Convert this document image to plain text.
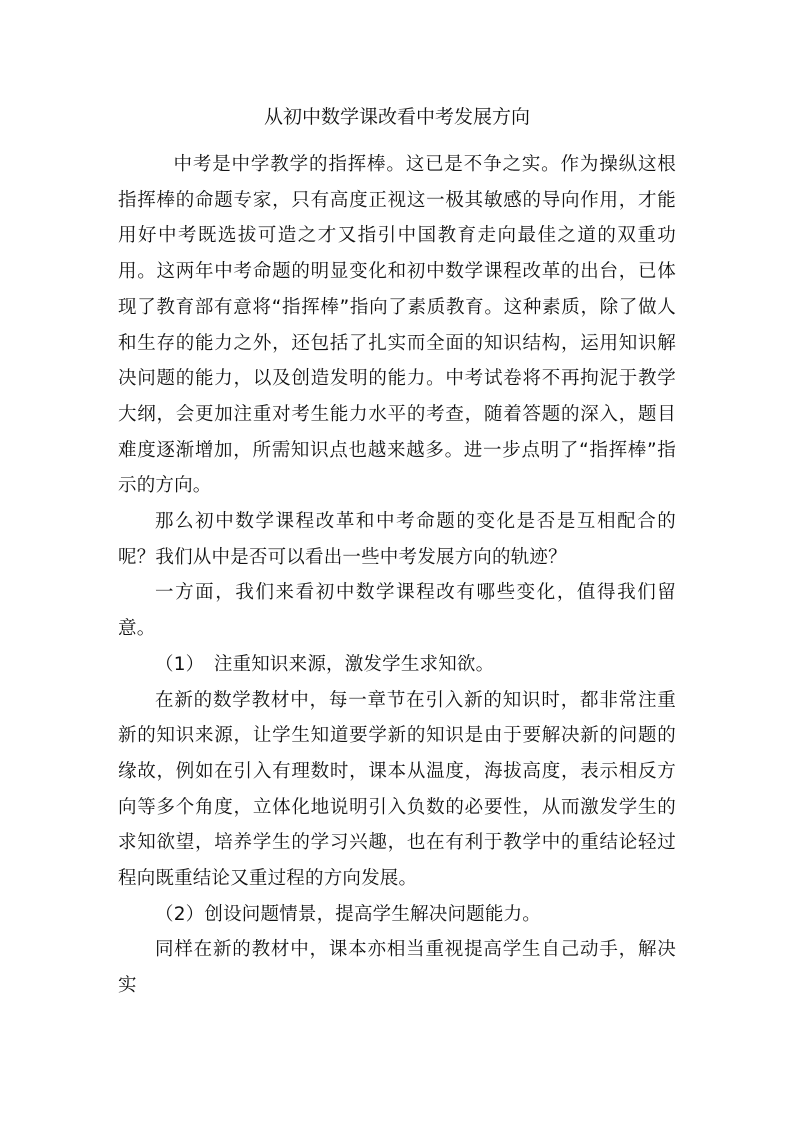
从初中数学课改看中考发展方向

中考是中学教学的指挥棒。这已是不争之实。作为操纵这根指挥棒的命题专家，只有高度正视这一极其敏感的导向作用，才能用好中考既选拔可造之才又指引中国教育走向最佳之道的双重功用。这两年中考命题的明显变化和初中数学课程改革的出台，已体现了教育部有意将“指挥棒”指向了素质教育。这种素质，除了做人和生存的能力之外，还包括了扎实而全面的知识结构，运用知识解决问题的能力，以及创造发明的能力。中考试卷将不再拘泥于教学大纲，会更加注重对考生能力水平的考查，随着答题的深入，题目难度逐渐增加，所需知识点也越来越多。进一步点明了“指挥棒”指示的方向。

那么初中数学课程改革和中考命题的变化是否是互相配合的呢？我们从中是否可以看出一些中考发展方向的轨迹？

一方面，我们来看初中数学课程改有哪些变化，值得我们留意。

（1）　注重知识来源，激发学生求知欲。

在新的数学教材中，每一章节在引入新的知识时，都非常注重新的知识来源，让学生知道要学新的知识是由于要解决新的问题的缘故，例如在引入有理数时，课本从温度，海拔高度，表示相反方向等多个角度，立体化地说明引入负数的必要性，从而激发学生的求知欲望，培养学生的学习兴趣，也在有利于教学中的重结论轻过程向既重结论又重过程的方向发展。

（2）创设问题情景，提高学生解决问题能力。

同样在新的教材中，课本亦相当重视提高学生自己动手，解决实
